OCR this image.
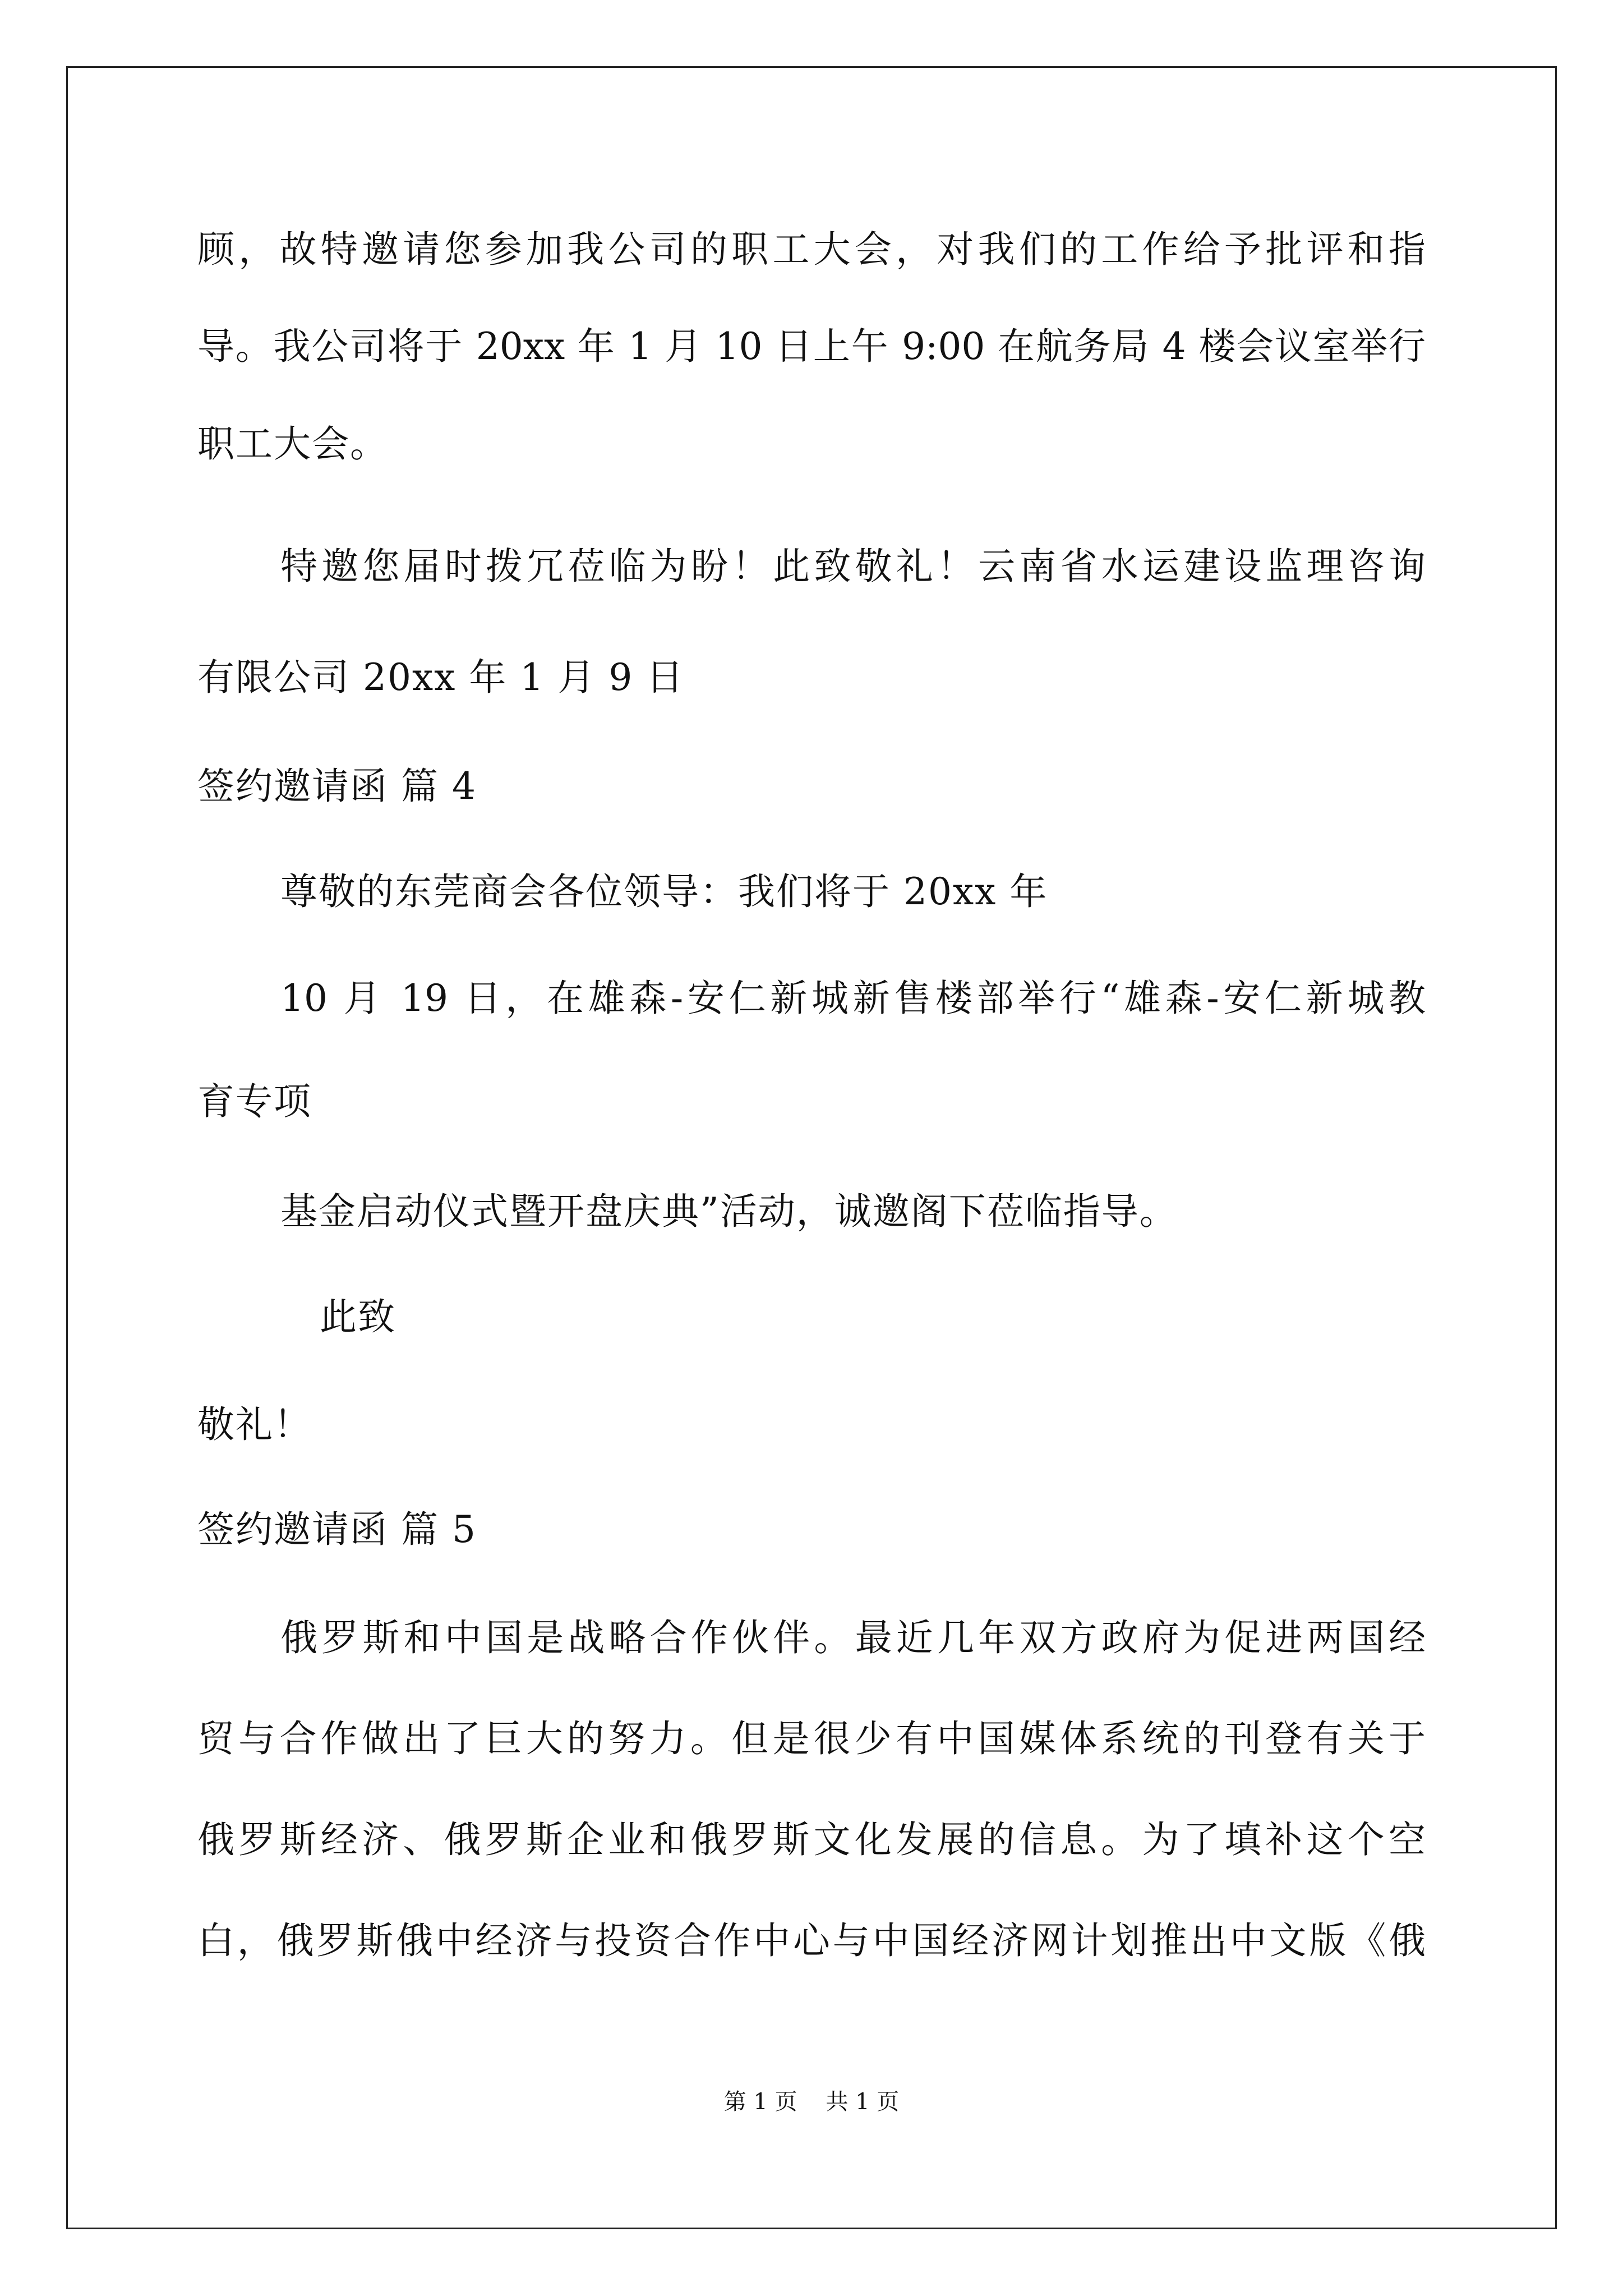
顾，故特邀请您参加我公司的职工大会，对我们的工作给予批评和指
导。我公司将于 20xx 年 1 月 10 日上午 9:00 在航务局 4 楼会议室举行
职工大会。
特邀您届时拨冗莅临为盼！此致敬礼！云南省水运建设监理咨询
有限公司 20xx 年 1 月 9 日
签约邀请函 篇 4
尊敬的东莞商会各位领导：我们将于 20xx 年
10 月 19 日，在雄森-安仁新城新售楼部举行“雄森-安仁新城教
育专项
基金启动仪式暨开盘庆典”活动，诚邀阁下莅临指导。
此致
敬礼！
签约邀请函 篇 5
俄罗斯和中国是战略合作伙伴。最近几年双方政府为促进两国经
贸与合作做出了巨大的努力。但是很少有中国媒体系统的刊登有关于
俄罗斯经济、俄罗斯企业和俄罗斯文化发展的信息。为了填补这个空
白，俄罗斯俄中经济与投资合作中心与中国经济网计划推出中文版《俄
第 1 页    共 1 页
